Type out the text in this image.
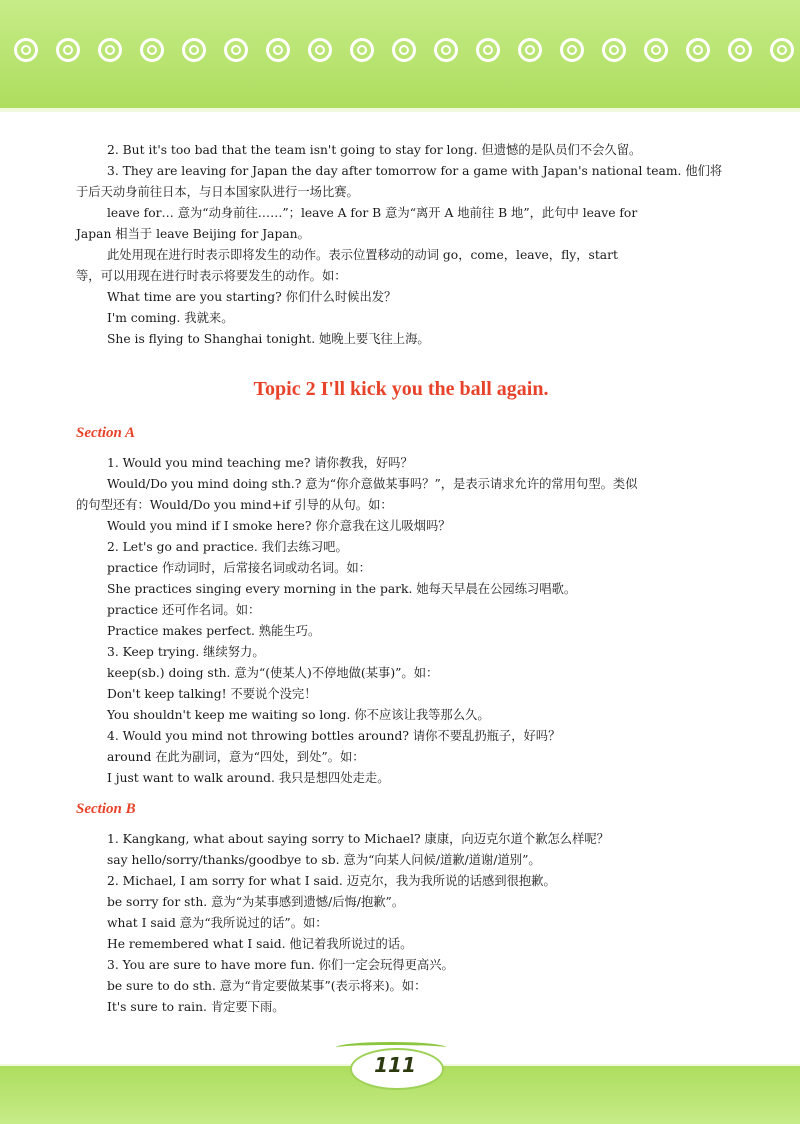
2. But it's too bad that the team isn't going to stay for long. 但遗憾的是队员们不会久留。

3. They are leaving for Japan the day after tomorrow for a game with Japan's national team. 他们将

于后天动身前往日本，与日本国家队进行一场比赛。

leave for… 意为“动身前往……”；leave A for B 意为“离开 A 地前往 B 地”，此句中 leave for

Japan 相当于 leave Beijing for Japan。

此处用现在进行时表示即将发生的动作。表示位置移动的动词 go，come，leave，fly，start

等，可以用现在进行时表示将要发生的动作。如：

What time are you starting? 你们什么时候出发？

I'm coming. 我就来。

She is flying to Shanghai tonight. 她晚上要飞往上海。

Topic 2 I'll kick you the ball again.
Section A

1. Would you mind teaching me? 请你教我，好吗？

Would/Do you mind doing sth.? 意为“你介意做某事吗？”，是表示请求允许的常用句型。类似

的句型还有：Would/Do you mind+if 引导的从句。如：

Would you mind if I smoke here? 你介意我在这儿吸烟吗？

2. Let's go and practice. 我们去练习吧。

practice 作动词时，后常接名词或动名词。如：

She practices singing every morning in the park. 她每天早晨在公园练习唱歌。

practice 还可作名词。如：

Practice makes perfect. 熟能生巧。

3. Keep trying. 继续努力。

keep(sb.) doing sth. 意为“(使某人)不停地做(某事)”。如：

Don't keep talking! 不要说个没完！

You shouldn't keep me waiting so long. 你不应该让我等那么久。

4. Would you mind not throwing bottles around? 请你不要乱扔瓶子，好吗？

around 在此为副词，意为“四处，到处”。如：

I just want to walk around. 我只是想四处走走。

Section B

1. Kangkang, what about saying sorry to Michael? 康康，向迈克尔道个歉怎么样呢？

say hello/sorry/thanks/goodbye to sb. 意为“向某人问候/道歉/道谢/道别”。

2. Michael, I am sorry for what I said. 迈克尔，我为我所说的话感到很抱歉。

be sorry for sth. 意为“为某事感到遗憾/后悔/抱歉”。

what I said 意为“我所说过的话”。如：

He remembered what I said. 他记着我所说过的话。

3. You are sure to have more fun. 你们一定会玩得更高兴。

be sure to do sth. 意为“肯定要做某事”(表示将来)。如：

It's sure to rain. 肯定要下雨。

111
